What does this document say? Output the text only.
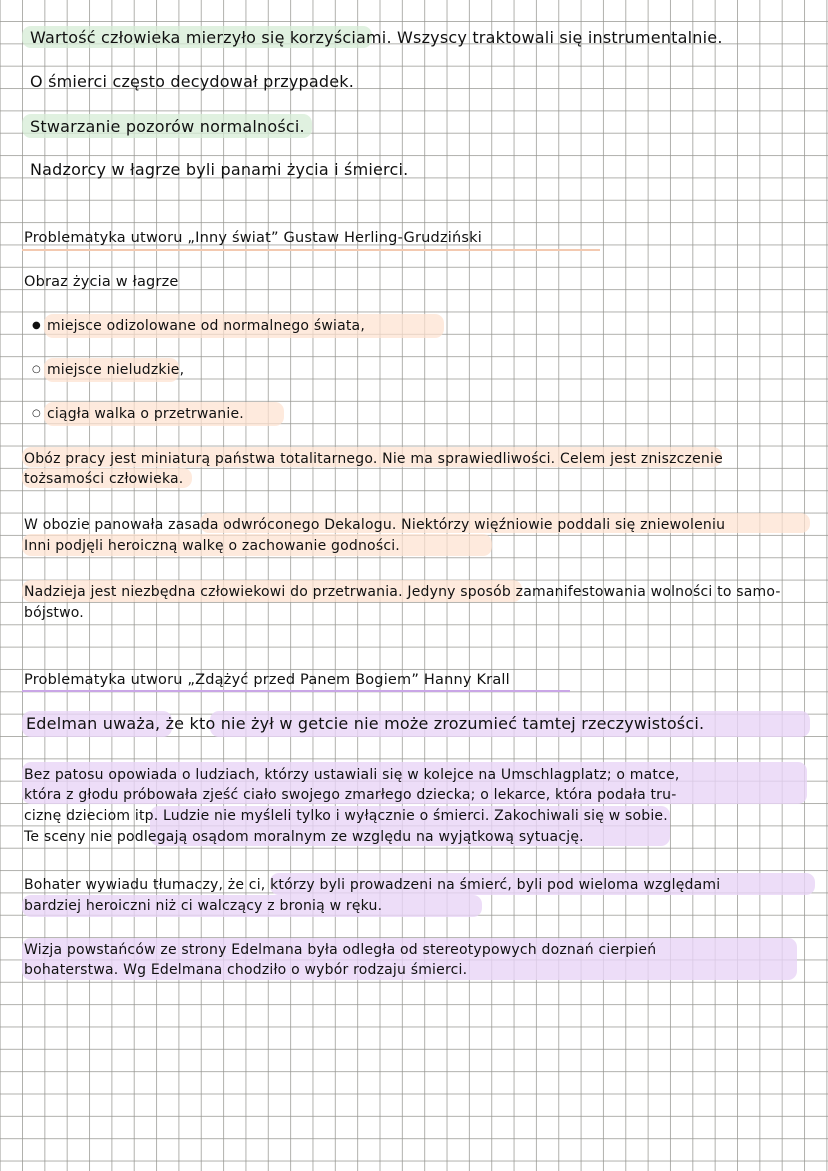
Wartość człowieka mierzyło się korzyściami. Wszyscy traktowali się instrumentalnie.
O śmierci często decydował przypadek.
Stwarzanie pozorów normalności.
Nadzorcy w łagrze byli panami życia i śmierci.
Problematyka utworu „Inny świat” Gustaw Herling-Grudziński
Obraz życia w łagrze
● miejsce odizolowane od normalnego świata,
○ miejsce nieludzkie,
○ ciągła walka o przetrwanie.
Obóz pracy jest miniaturą państwa totalitarnego. Nie ma sprawiedliwości. Celem jest zniszczenie
tożsamości człowieka.
W obozie panowała zasada odwróconego Dekalogu. Niektórzy więźniowie poddali się zniewoleniu
Inni podjęli heroiczną walkę o zachowanie godności.
Nadzieja jest niezbędna człowiekowi do przetrwania. Jedyny sposób zamanifestowania wolności to samo-
bójstwo.
Problematyka utworu „Zdążyć przed Panem Bogiem” Hanny Krall
Edelman uważa, że kto nie żył w getcie nie może zrozumieć tamtej rzeczywistości.
Bez patosu opowiada o ludziach, którzy ustawiali się w kolejce na Umschlagplatz; o matce,
która z głodu próbowała zjeść ciało swojego zmarłego dziecka; o lekarce, która podała tru-
ciznę dzieciom itp. Ludzie nie myśleli tylko i wyłącznie o śmierci. Zakochiwali się w sobie.
Te sceny nie podlegają osądom moralnym ze względu na wyjątkową sytuację.
Bohater wywiadu tłumaczy, że ci, którzy byli prowadzeni na śmierć, byli pod wieloma względami
bardziej heroiczni niż ci walczący z bronią w ręku.
Wizja powstańców ze strony Edelmana była odległa od stereotypowych doznań cierpień
bohaterstwa. Wg Edelmana chodziło o wybór rodzaju śmierci.
